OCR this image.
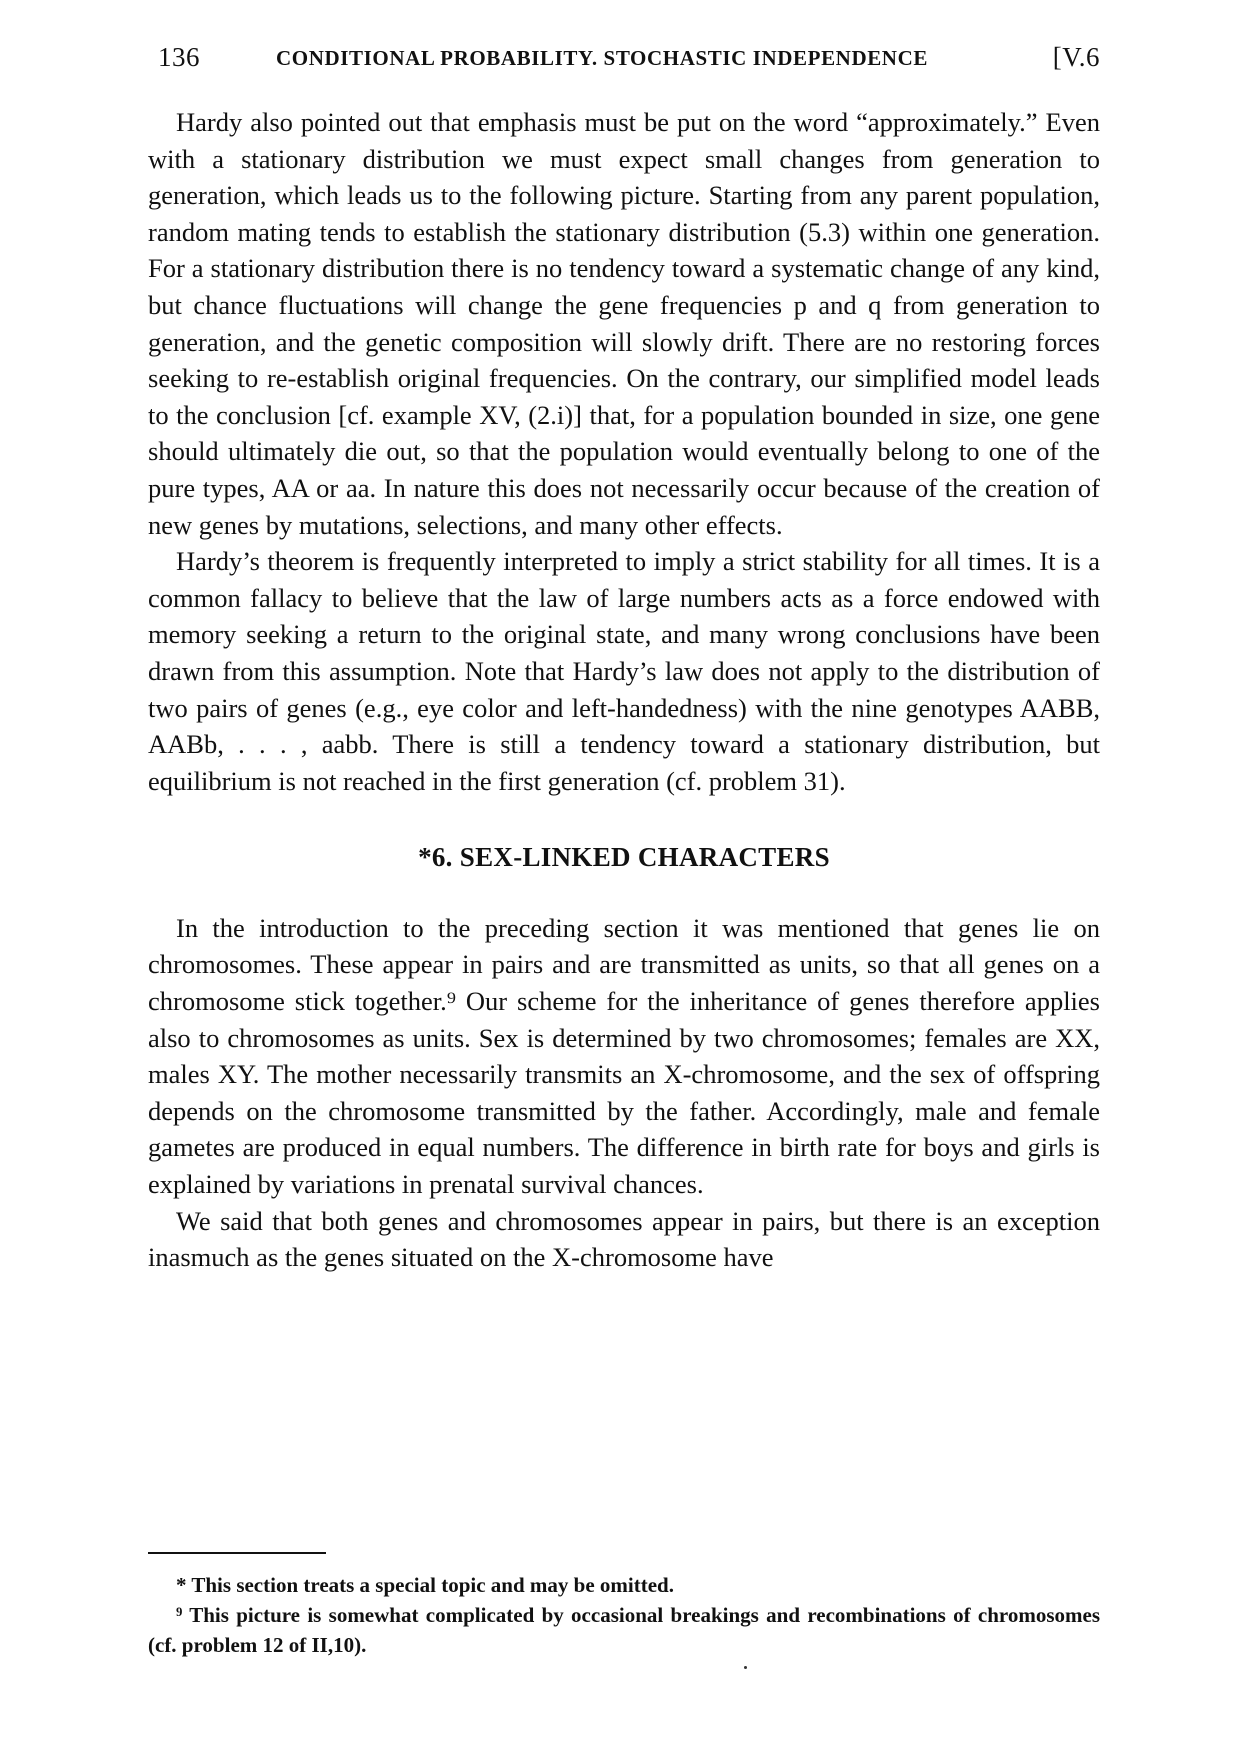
136	CONDITIONAL PROBABILITY. STOCHASTIC INDEPENDENCE	[V.6

Hardy also pointed out that emphasis must be put on the word “approximately.” Even with a stationary distribution we must expect small changes from generation to generation, which leads us to the following picture. Starting from any parent population, random mating tends to establish the stationary distribution (5.3) within one generation. For a stationary distribution there is no tendency toward a systematic change of any kind, but chance fluctuations will change the gene frequencies p and q from generation to generation, and the genetic composition will slowly drift. There are no restoring forces seeking to re-establish original frequencies. On the contrary, our simplified model leads to the conclusion [cf. example XV, (2.i)] that, for a population bounded in size, one gene should ultimately die out, so that the population would eventually belong to one of the pure types, AA or aa. In nature this does not necessarily occur because of the creation of new genes by mutations, selections, and many other effects.

Hardy’s theorem is frequently interpreted to imply a strict stability for all times. It is a common fallacy to believe that the law of large numbers acts as a force endowed with memory seeking a return to the original state, and many wrong conclusions have been drawn from this assumption. Note that Hardy’s law does not apply to the distribution of two pairs of genes (e.g., eye color and left-handedness) with the nine genotypes AABB, AABb, . . . , aabb. There is still a tendency toward a stationary distribution, but equilibrium is not reached in the first generation (cf. problem 31).

*6. SEX-LINKED CHARACTERS

In the introduction to the preceding section it was mentioned that genes lie on chromosomes. These appear in pairs and are transmitted as units, so that all genes on a chromosome stick together.⁹ Our scheme for the inheritance of genes therefore applies also to chromosomes as units. Sex is determined by two chromosomes; females are XX, males XY. The mother necessarily transmits an X-chromosome, and the sex of offspring depends on the chromosome transmitted by the father. Accordingly, male and female gametes are produced in equal numbers. The difference in birth rate for boys and girls is explained by variations in prenatal survival chances.

We said that both genes and chromosomes appear in pairs, but there is an exception inasmuch as the genes situated on the X-chromosome have

* This section treats a special topic and may be omitted.

⁹ This picture is somewhat complicated by occasional breakings and recombinations of chromosomes (cf. problem 12 of II,10).
